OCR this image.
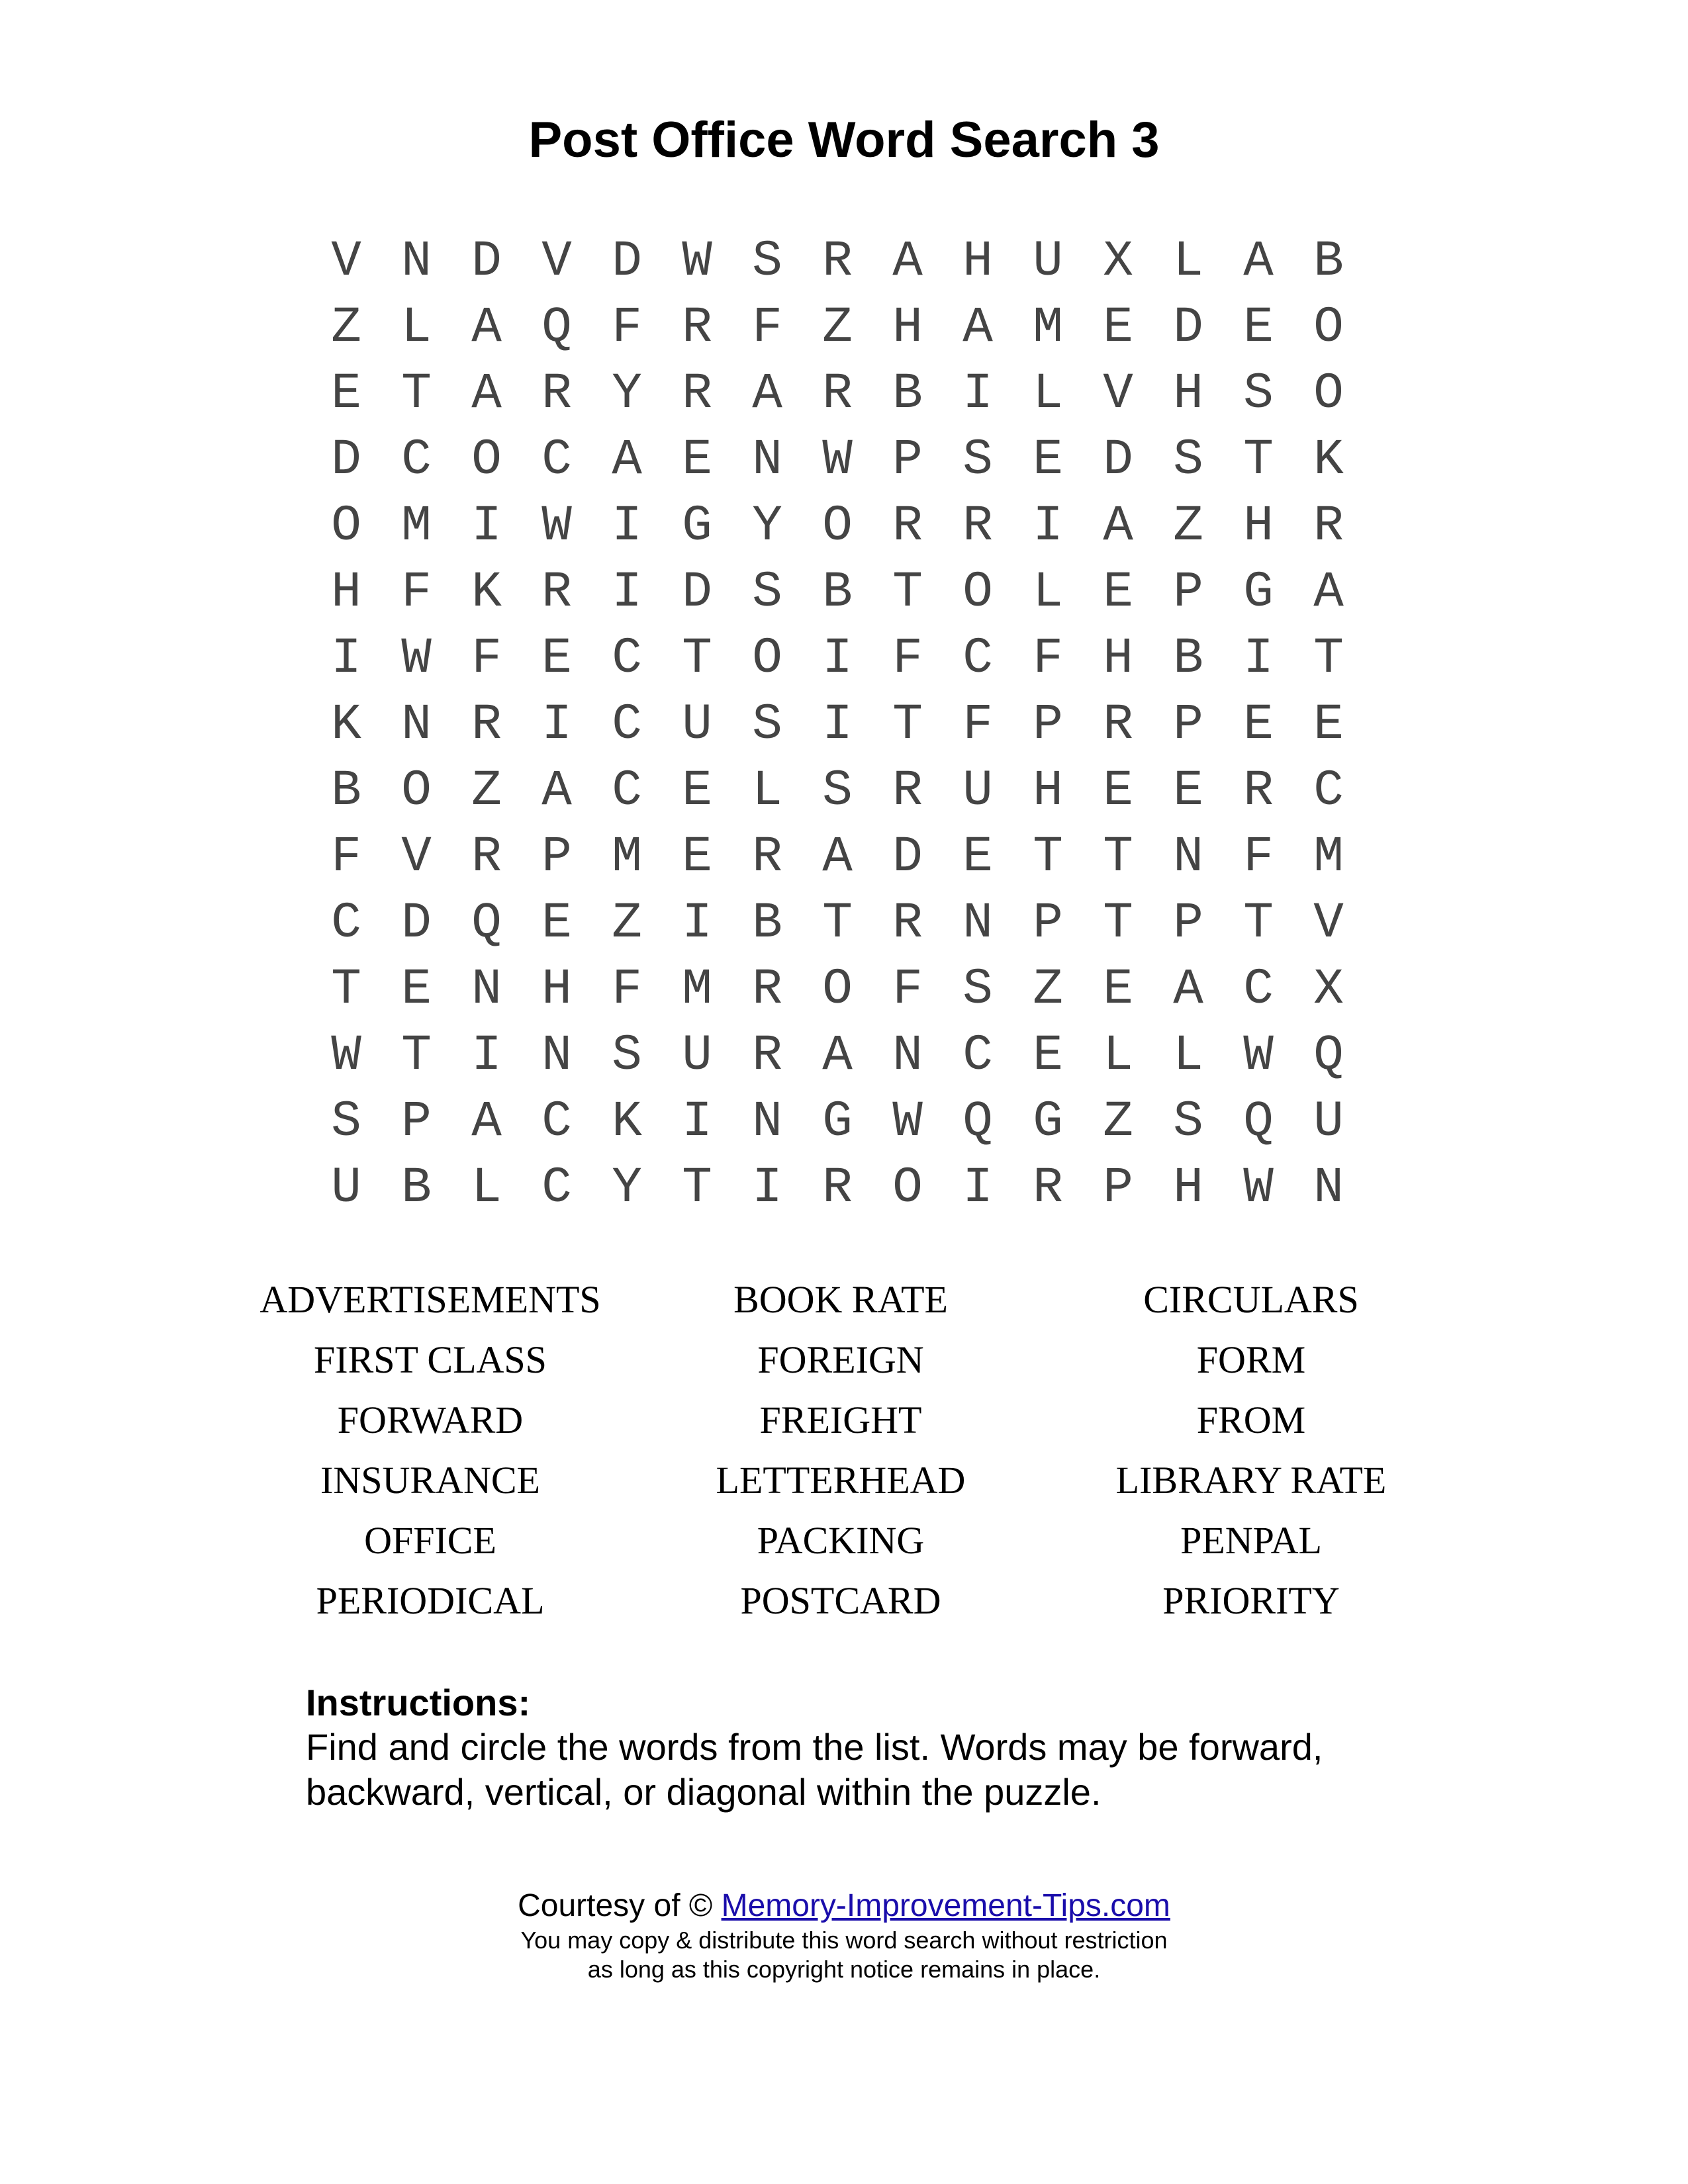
Post Office Word Search 3
V N D V D W S R A H U X L A B
Z L A Q F R F Z H A M E D E O
E T A R Y R A R B I L V H S O
D C O C A E N W P S E D S T K
O M I W I G Y O R R I A Z H R
H F K R I D S B T O L E P G A
I W F E C T O I F C F H B I T
K N R I C U S I T F P R P E E
B O Z A C E L S R U H E E R C
F V R P M E R A D E T T N F M
C D Q E Z I B T R N P T P T V
T E N H F M R O F S Z E A C X
W T I N S U R A N C E L L W Q
S P A C K I N G W Q G Z S Q U
U B L C Y T I R O I R P H W N
ADVERTISEMENTS	BOOK RATE	CIRCULARS
FIRST CLASS	FOREIGN	FORM
FORWARD	FREIGHT	FROM
INSURANCE	LETTERHEAD	LIBRARY RATE
OFFICE	PACKING	PENPAL
PERIODICAL	POSTCARD	PRIORITY
Instructions:
Find and circle the words from the list. Words may be forward,
backward, vertical, or diagonal within the puzzle.
Courtesy of © Memory-Improvement-Tips.com
You may copy & distribute this word search without restriction
as long as this copyright notice remains in place.
